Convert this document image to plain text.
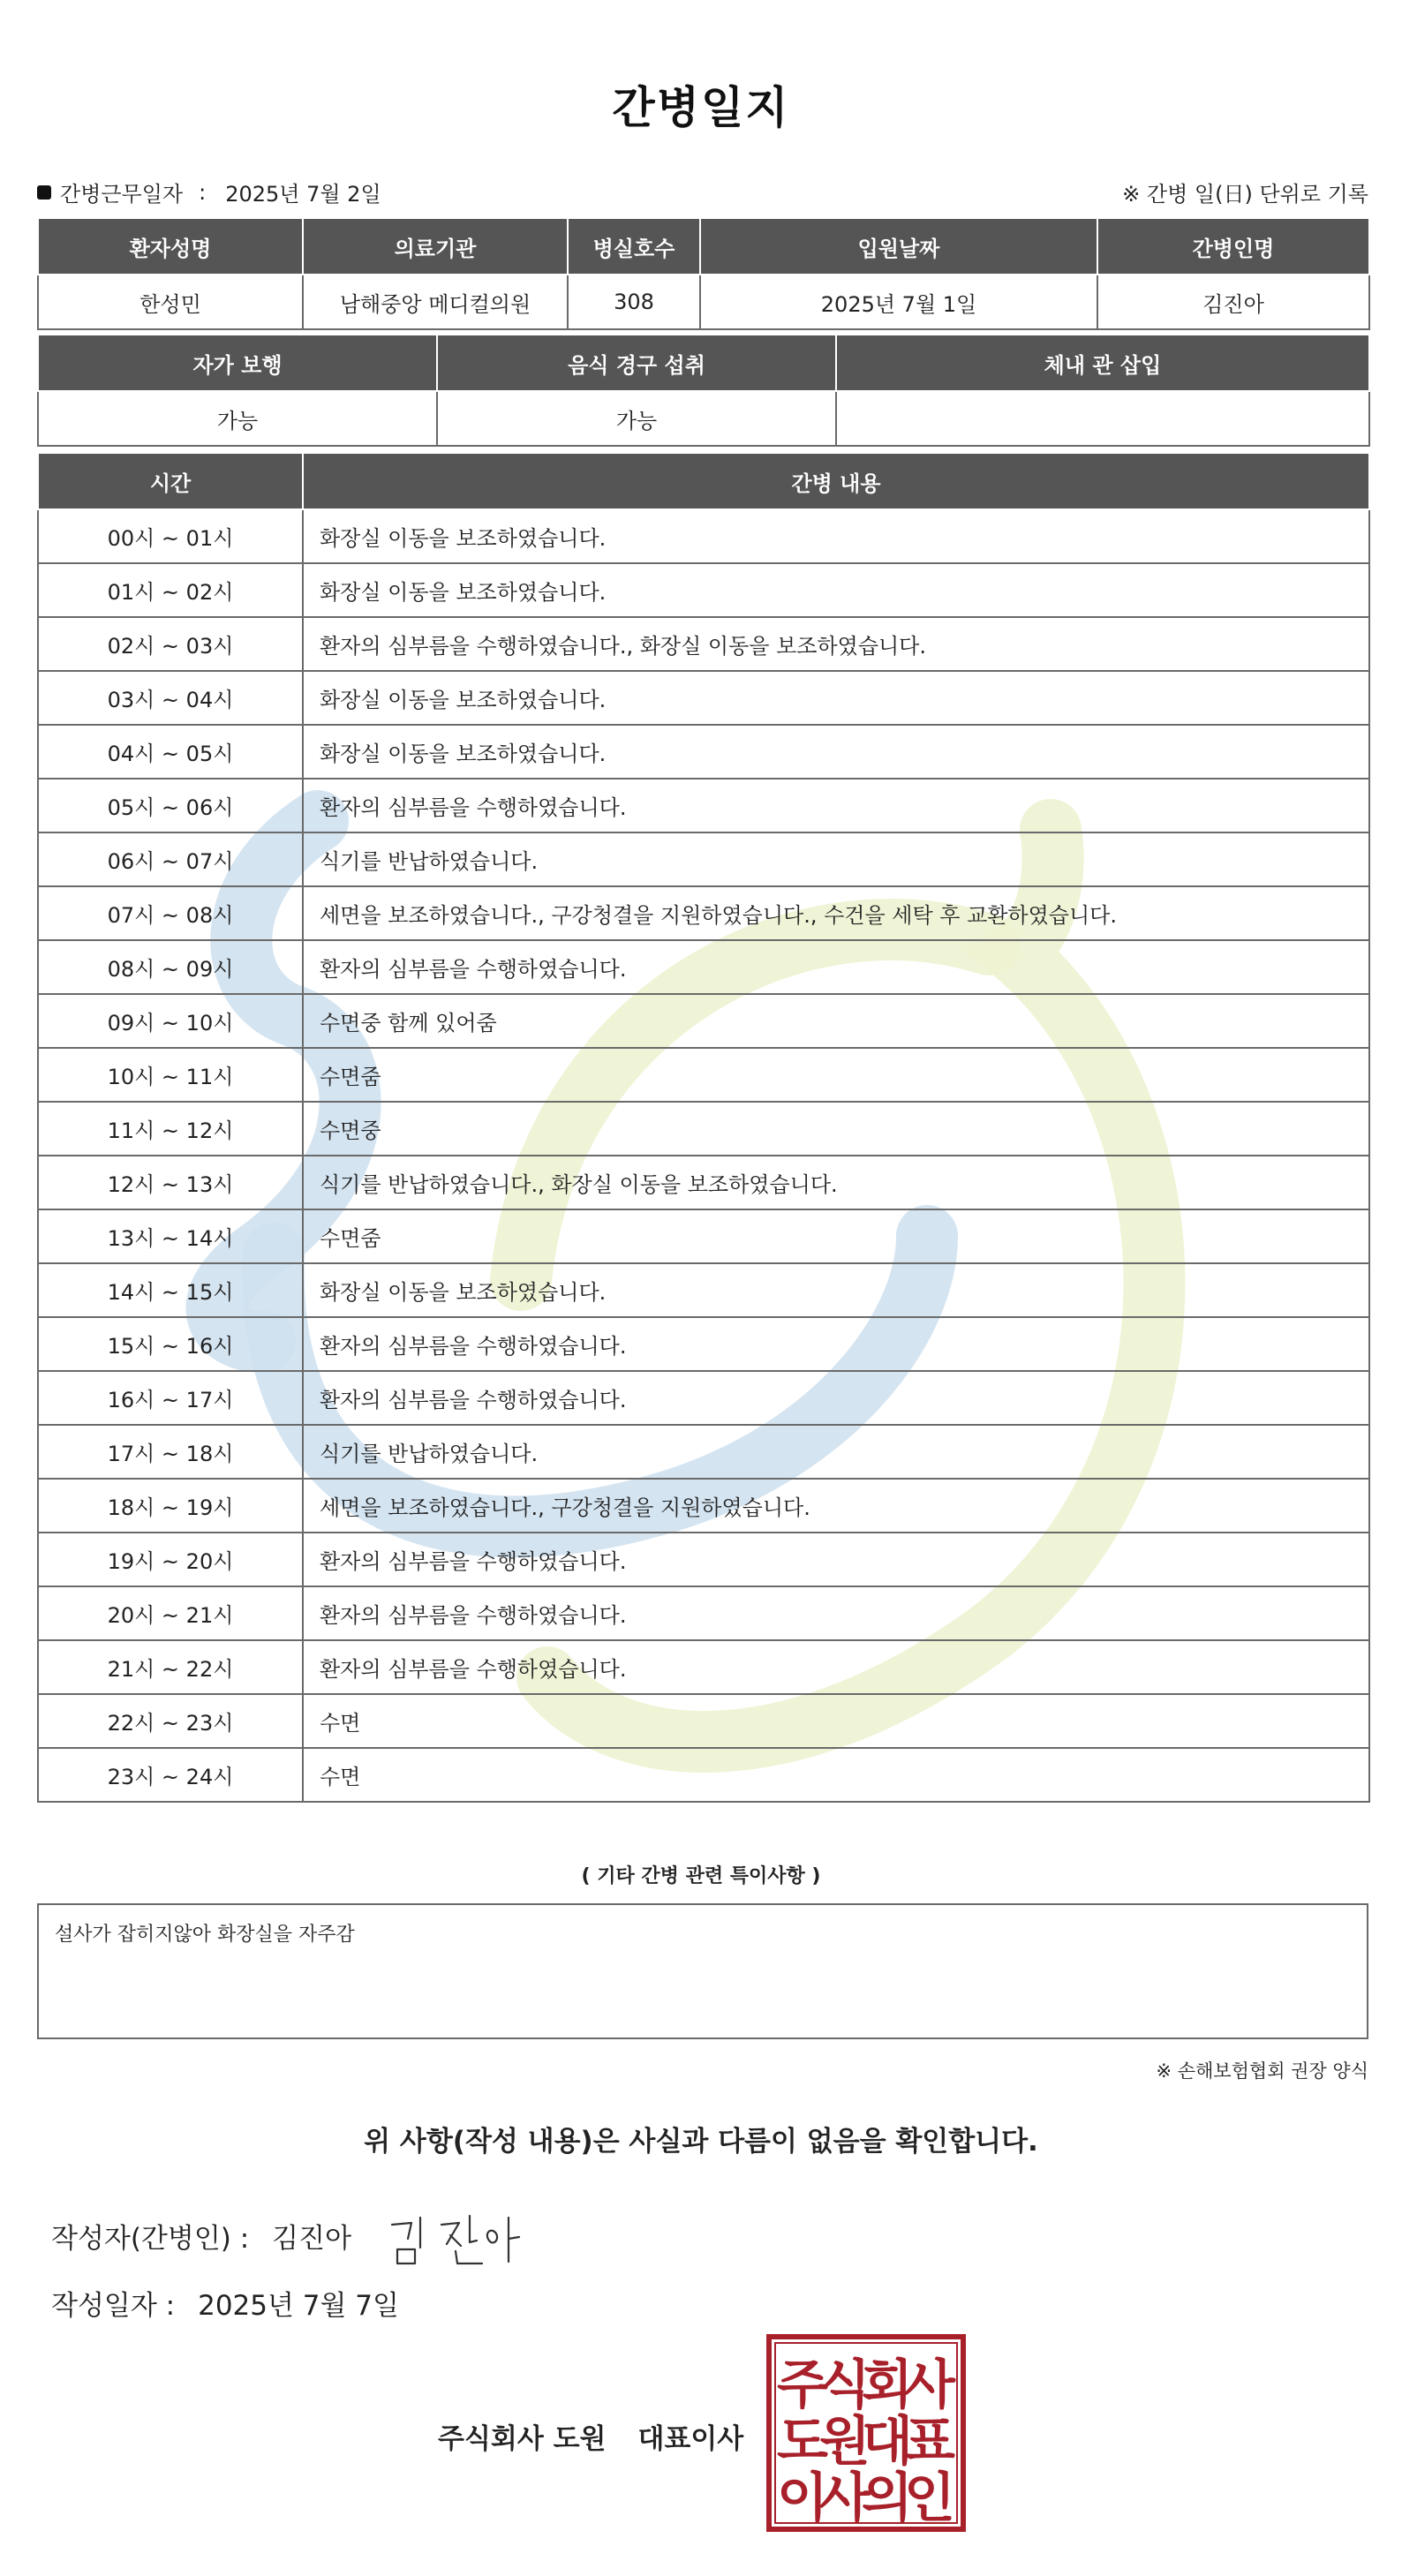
간병일지
간병근무일자 : 2025년 7월 2일	※ 간병 일(日) 단위로 기록
환자성명	의료기관	병실호수	입원날짜	간병인명
한성민	남해중앙 메디컬의원	308	2025년 7월 1일	김진아
자가 보행	음식 경구 섭취	체내 관 삽입
가능	가능	
시간	간병 내용
00시 ~ 01시	화장실 이동을 보조하였습니다.
01시 ~ 02시	화장실 이동을 보조하였습니다.
02시 ~ 03시	환자의 심부름을 수행하였습니다., 화장실 이동을 보조하였습니다.
03시 ~ 04시	화장실 이동을 보조하였습니다.
04시 ~ 05시	화장실 이동을 보조하였습니다.
05시 ~ 06시	환자의 심부름을 수행하였습니다.
06시 ~ 07시	식기를 반납하였습니다.
07시 ~ 08시	세면을 보조하였습니다., 구강청결을 지원하였습니다., 수건을 세탁 후 교환하였습니다.
08시 ~ 09시	환자의 심부름을 수행하였습니다.
09시 ~ 10시	수면중 함께 있어줌
10시 ~ 11시	수면줌
11시 ~ 12시	수면중
12시 ~ 13시	식기를 반납하였습니다., 화장실 이동을 보조하였습니다.
13시 ~ 14시	수면줌
14시 ~ 15시	화장실 이동을 보조하였습니다.
15시 ~ 16시	환자의 심부름을 수행하였습니다.
16시 ~ 17시	환자의 심부름을 수행하였습니다.
17시 ~ 18시	식기를 반납하였습니다.
18시 ~ 19시	세면을 보조하였습니다., 구강청결을 지원하였습니다.
19시 ~ 20시	환자의 심부름을 수행하였습니다.
20시 ~ 21시	환자의 심부름을 수행하였습니다.
21시 ~ 22시	환자의 심부름을 수행하였습니다.
22시 ~ 23시	수면
23시 ~ 24시	수면
( 기타 간병 관련 특이사항 )
설사가 잡히지않아 화장실을 자주감
※ 손해보험협회 권장 양식
위 사항(작성 내용)은 사실과 다름이 없음을 확인합니다.
작성자(간병인) : 김진아
작성일자 : 2025년 7월 7일
주식회사 도원 대표이사
주
식
회
사
도
원
대
표
이
사
의
인
